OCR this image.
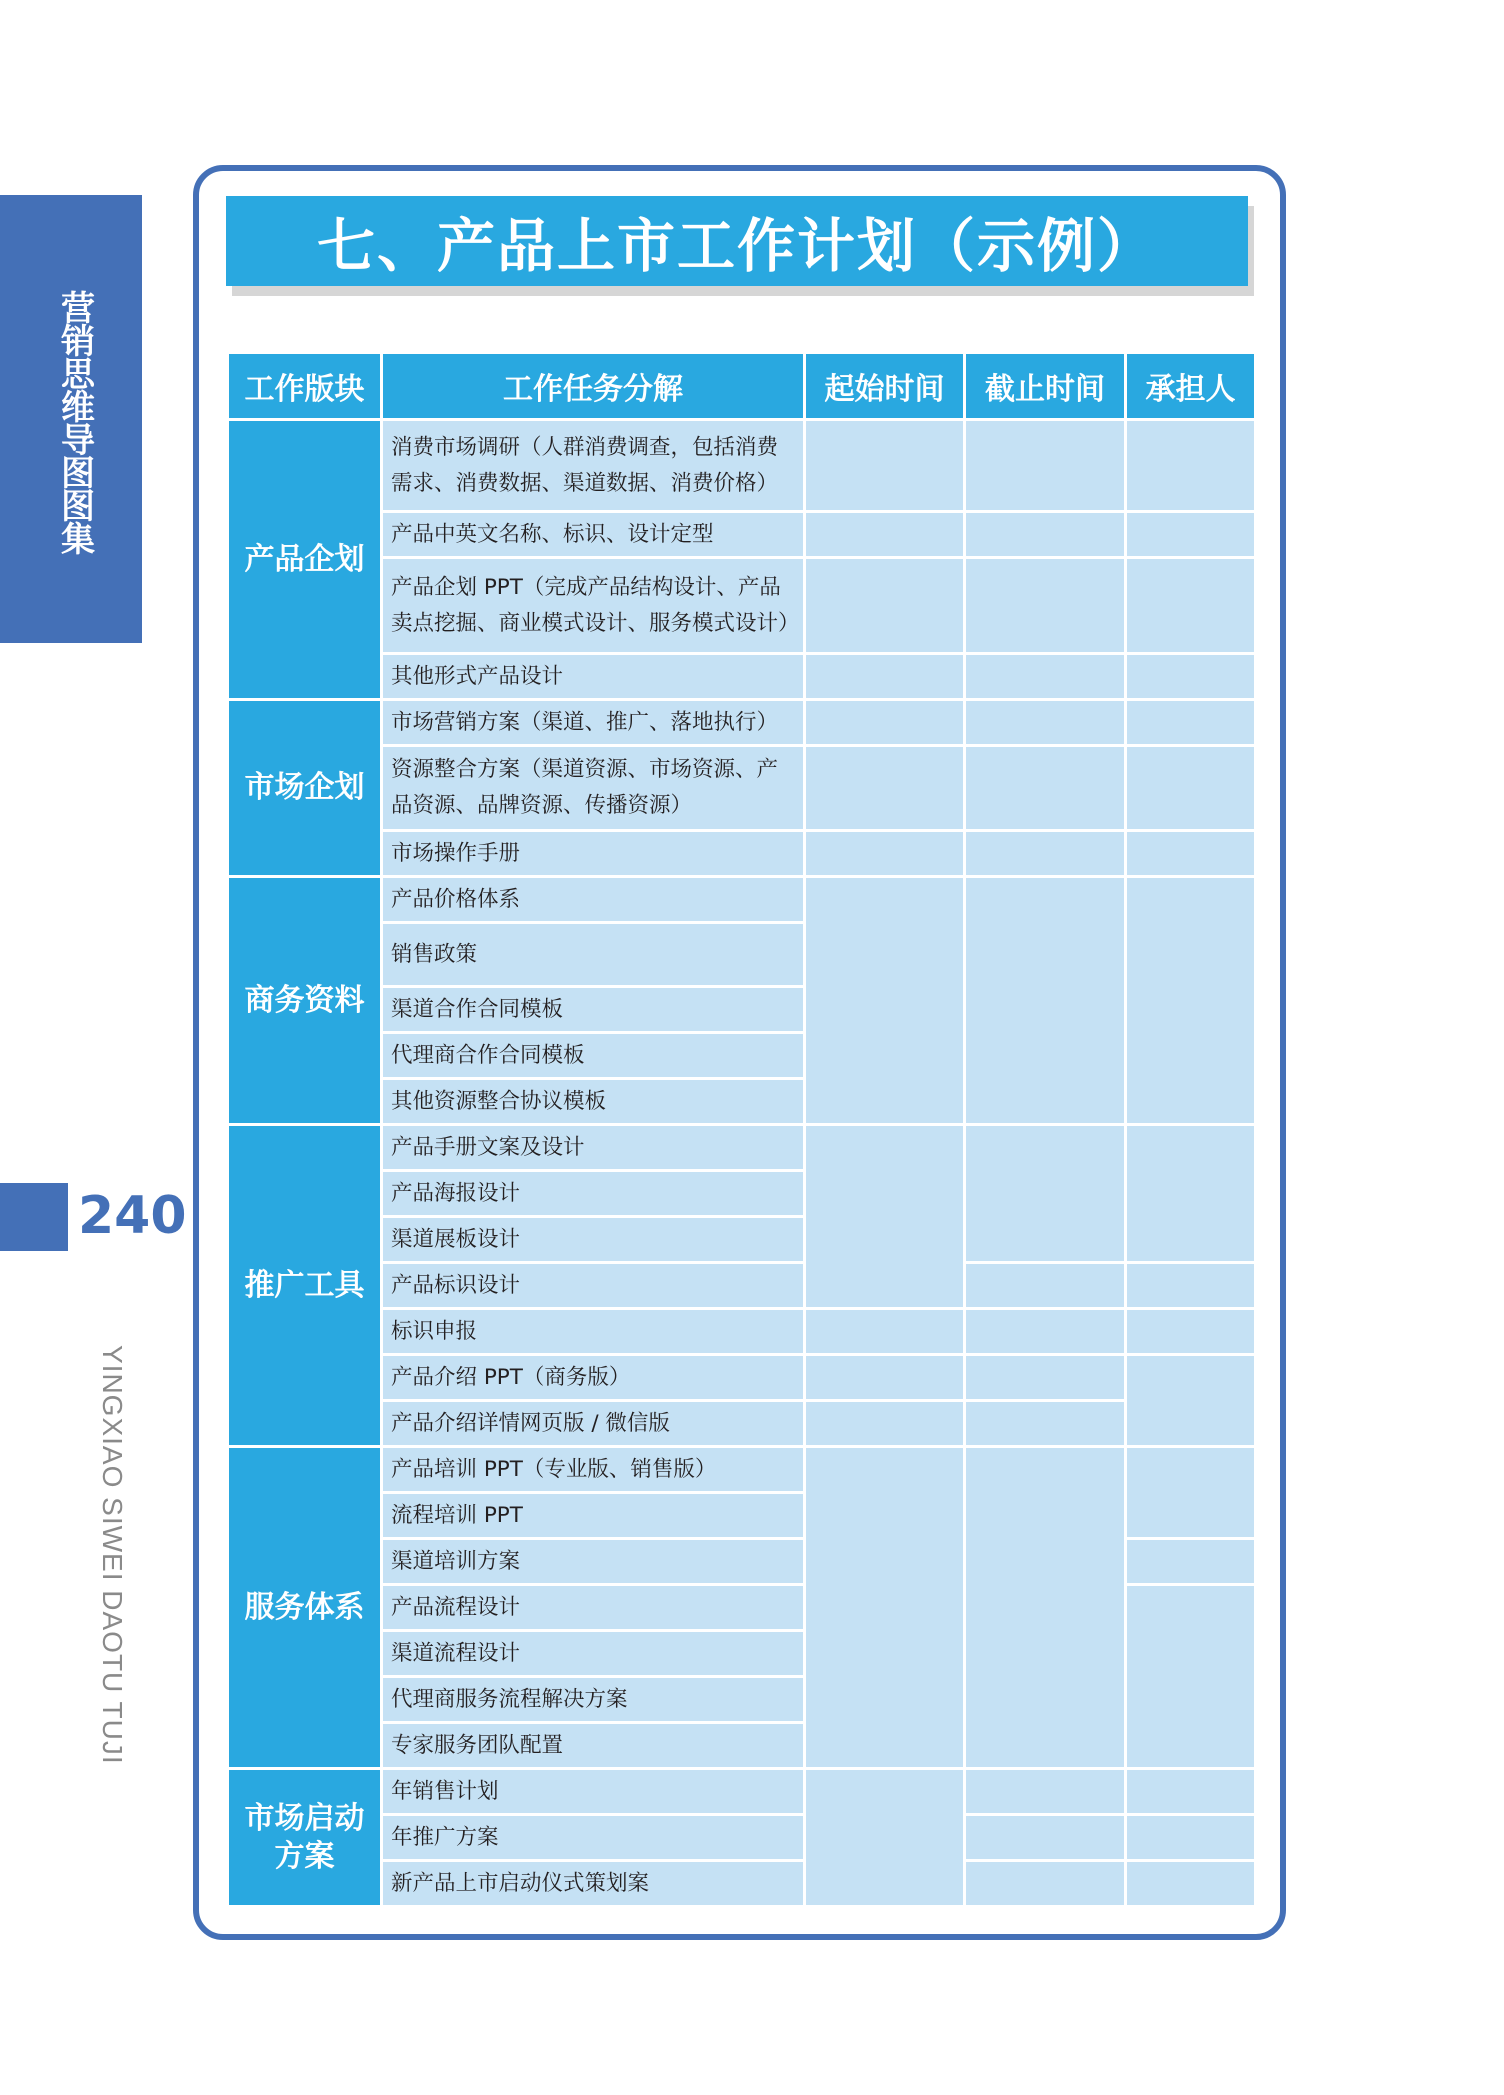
营销思维导图图集
240
YINGXIAO SIWEI DAOTU TUJI
七、产品上市工作计划（示例）
工作版块	工作任务分解	起始时间	截止时间	承担人
产品企划	消费市场调研（人群消费调查，包括消费需求、消费数据、渠道数据、消费价格）			
	产品中英文名称、标识、设计定型			
	产品企划 PPT（完成产品结构设计、产品卖点挖掘、商业模式设计、服务模式设计）			
	其他形式产品设计			
市场企划	市场营销方案（渠道、推广、落地执行）			
	资源整合方案（渠道资源、市场资源、产品资源、品牌资源、传播资源）			
	市场操作手册			
商务资料	产品价格体系			
	销售政策			
	渠道合作合同模板			
	代理商合作合同模板			
	其他资源整合协议模板			
推广工具	产品手册文案及设计			
	产品海报设计			
	渠道展板设计			
	产品标识设计			
	标识申报			
	产品介绍 PPT（商务版）			
	产品介绍详情网页版 / 微信版			
服务体系	产品培训 PPT（专业版、销售版）			
	流程培训 PPT			
	渠道培训方案			
	产品流程设计			
	渠道流程设计			
	代理商服务流程解决方案			
	专家服务团队配置			
市场启动方案	年销售计划			
	年推广方案			
	新产品上市启动仪式策划案			
